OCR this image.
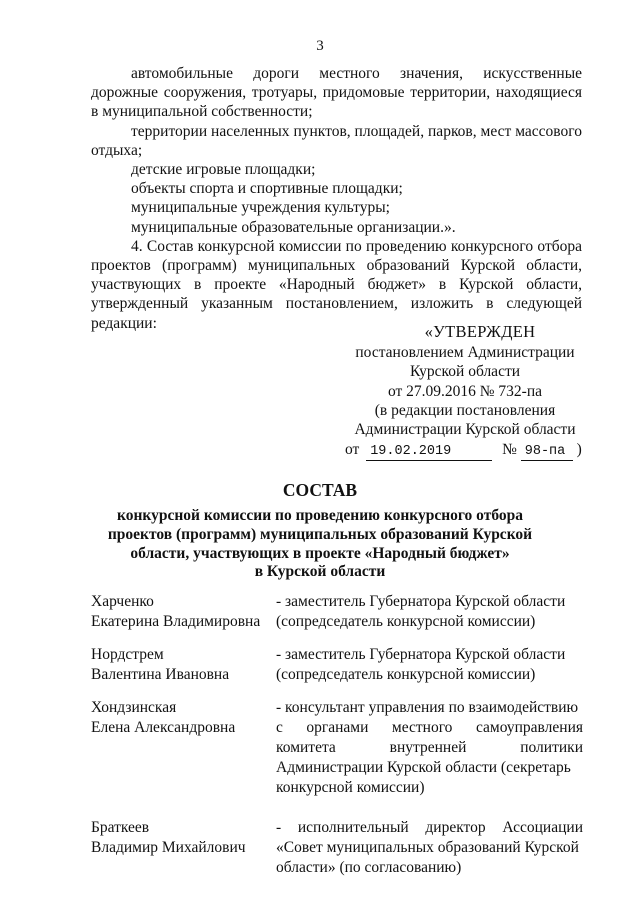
3

автомобильные дороги местного значения, искусственные дорожные сооружения, тротуары, придомовые территории, находящиеся в муниципальной собственности;

территории населенных пунктов, площадей, парков, мест массового отдыха;

детские игровые площадки;

объекты спорта и спортивные площадки;

муниципальные учреждения культуры;

муниципальные образовательные организации.».

4. Состав конкурсной комиссии по проведению конкурсного отбора проектов (программ) муниципальных образований Курской области, участвующих в проекте «Народный бюджет» в Курской области, утвержденный указанным постановлением, изложить в следующей редакции:	«УТВЕРЖДЕН
постановлением Администрации
Курской области
от 27.09.2016 № 732-па
(в редакции постановления
Администрации Курской области
от 19.02.2019	№ 98-па )
СОСТАВ
конкурсной комиссии по проведению конкурсного отбора
проектов (программ) муниципальных образований Курской
области, участвующих в проекте «Народный бюджет»
в Курской области
Харченко
Екатерина Владимировна
- заместитель Губернатора Курской области
(сопредседатель конкурсной комиссии)
Нордстрем
Валентина Ивановна
- заместитель Губернатора Курской области
(сопредседатель конкурсной комиссии)
Хондзинская
Елена Александровна
- консультант управления по взаимодействию
с органами местного самоуправления
комитета внутренней политики
Администрации Курской области (секретарь
конкурсной комиссии)
Браткеев
Владимир Михайлович
- исполнительный директор Ассоциации
«Совет муниципальных образований Курской
области» (по согласованию)
